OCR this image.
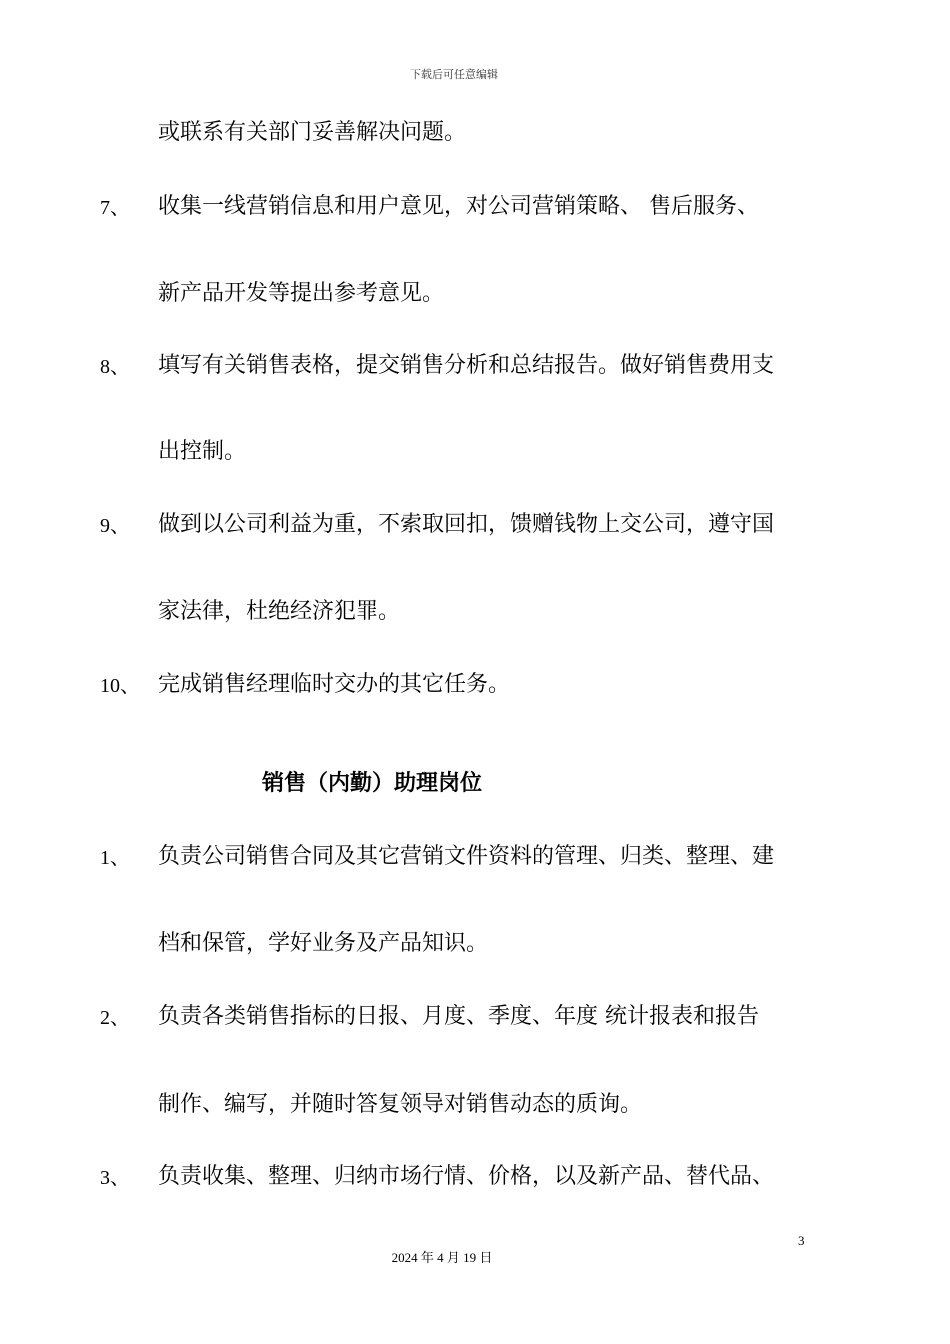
下载后可任意编辑
或联系有关部门妥善解决问题。
7、 收集一线营销信息和用户意见，对公司营销策略、 售后服务、
新产品开发等提出参考意见。
8、 填写有关销售表格，提交销售分析和总结报告。做好销售费用支
出控制。
9、 做到以公司利益为重，不索取回扣，馈赠钱物上交公司，遵守国
家法律，杜绝经济犯罪。
10、 完成销售经理临时交办的其它任务。
销售（内勤）助理岗位
1、 负责公司销售合同及其它营销文件资料的管理、归类、整理、建
档和保管，学好业务及产品知识。
2、 负责各类销售指标的日报、月度、季度、年度 统计报表和报告
制作、编写，并随时答复领导对销售动态的质询。
3、 负责收集、整理、归纳市场行情、价格，以及新产品、替代品、
3
2024 年 4 月 19 日
